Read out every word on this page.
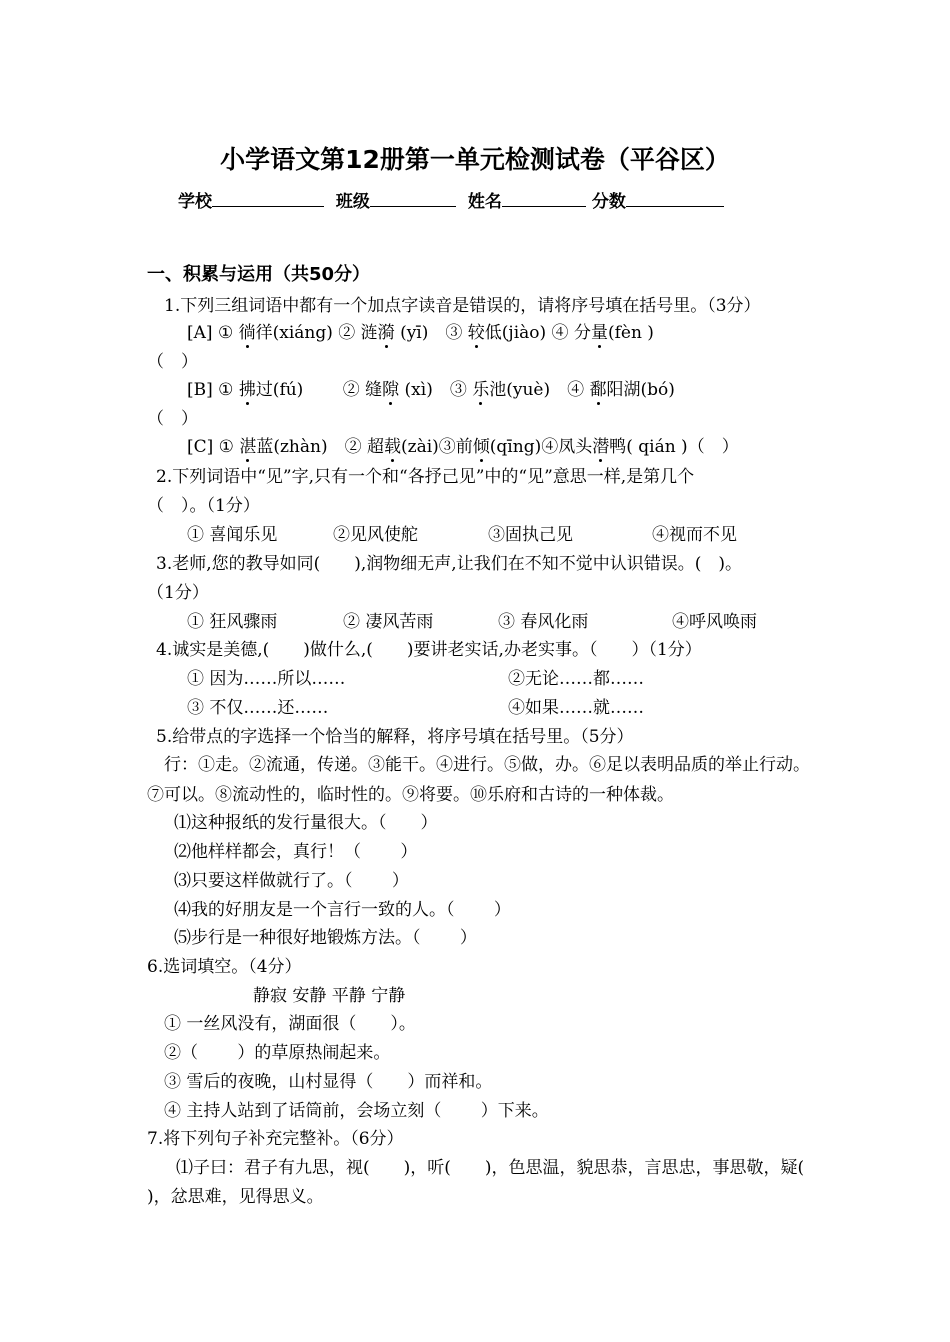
小学语文第12册第一单元检测试卷（平谷区）
学校	班级	姓名	分数
一、积累与运用（共50分）
1.下列三组词语中都有一个加点字读音是错误的，请将序号填在括号里。（3分）
[A] ① 徜徉(xiáng) ② 涟漪 (yī)　③ 较低(jiào) ④ 分量(fèn )
（　）
[B] ① 拂过(fú)　　 ② 缝隙 (xì)　③ 乐池(yuè)　④ 鄱阳湖(bó)
（　）
[C] ① 湛蓝(zhàn)　② 超载(zài)③前倾(qīng)④凤头潜鸭( qián )（　）
2.下列词语中“见”字,只有一个和“各抒己见”中的“见”意思一样,是第几个
（　）。（1分）
① 喜闻乐见	②见风使舵	③固执己见	④视而不见
3.老师,您的教导如同(　　),润物细无声,让我们在不知不觉中认识错误。(　)。
（1分）
① 狂风骤雨	② 凄风苦雨	③ 春风化雨	④呼风唤雨
4.诚实是美德,(　　)做什么,(　　)要讲老实话,办老实事。（　　）（1分）
① 因为……所以……	②无论……都……
③ 不仅……还……	④如果……就……
5.给带点的字选择一个恰当的解释，将序号填在括号里。（5分）
行：①走。②流通，传递。③能干。④进行。⑤做，办。⑥足以表明品质的举止行动。
⑦可以。⑧流动性的，临时性的。⑨将要。⑩乐府和古诗的一种体裁。
⑴这种报纸的发行量很大。（　　）
⑵他样样都会，真行！（　　 ）
⑶只要这样做就行了。（　　 ）
⑷我的好朋友是一个言行一致的人。（　　 ）
⑸步行是一种很好地锻炼方法。（　　 ）
6.选词填空。（4分）
静寂 安静 平静 宁静
① 一丝风没有，湖面很（　　）。
②（　　 ）的草原热闹起来。
③ 雪后的夜晚，山村显得（　　）而祥和。
④ 主持人站到了话筒前，会场立刻（　　 ）下来。
7.将下列句子补充完整补。（6分）
⑴子曰：君子有九思，视(　　)，听(　　)，色思温，貌思恭，言思忠，事思敬，疑(
)，忿思难，见得思义。
